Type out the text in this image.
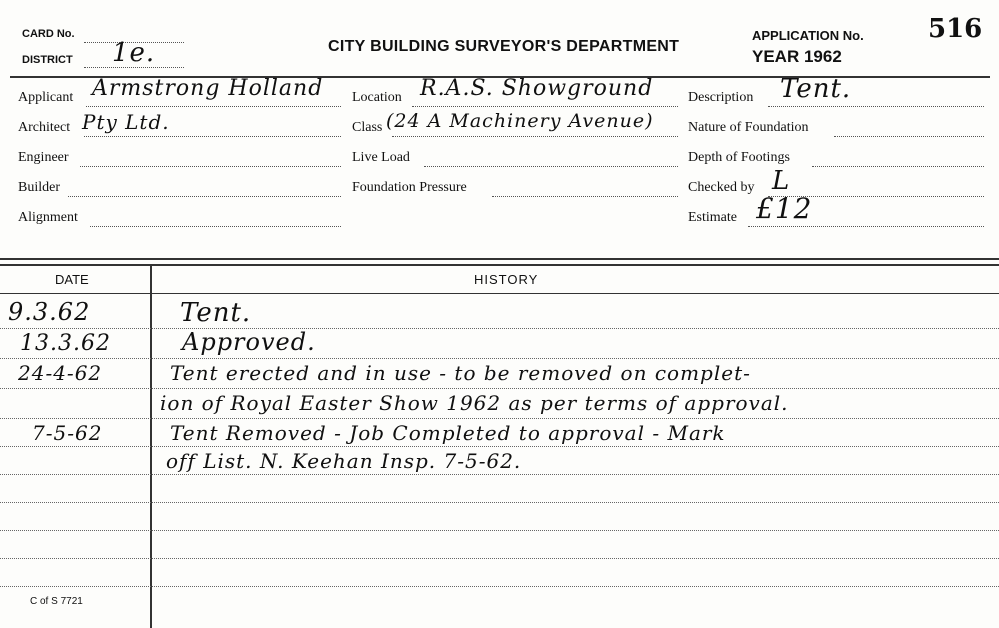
CARD No.
DISTRICT 1e.	CITY BUILDING SURVEYOR'S DEPARTMENT
APPLICATION No. 516
YEAR 1962
Applicant Armstrong Holland
Architect Pty Ltd.
Engineer
Builder
Alignment
Location R.A.S. Showground
Class (24 A Machinery Avenue)
Live Load
Foundation Pressure
Description Tent.
Nature of Foundation
Depth of Footings
Checked by L
Estimate £12
DATE	HISTORY
9.3.62	Tent.
13.3.62	Approved.
24-4-62	Tent erected and in use - to be removed on complet-
ion of Royal Easter Show 1962 as per terms of approval.
7-5-62	Tent Removed - Job Completed to approval - Mark
off List. N. Keehan Insp. 7-5-62.
C of S 7721
